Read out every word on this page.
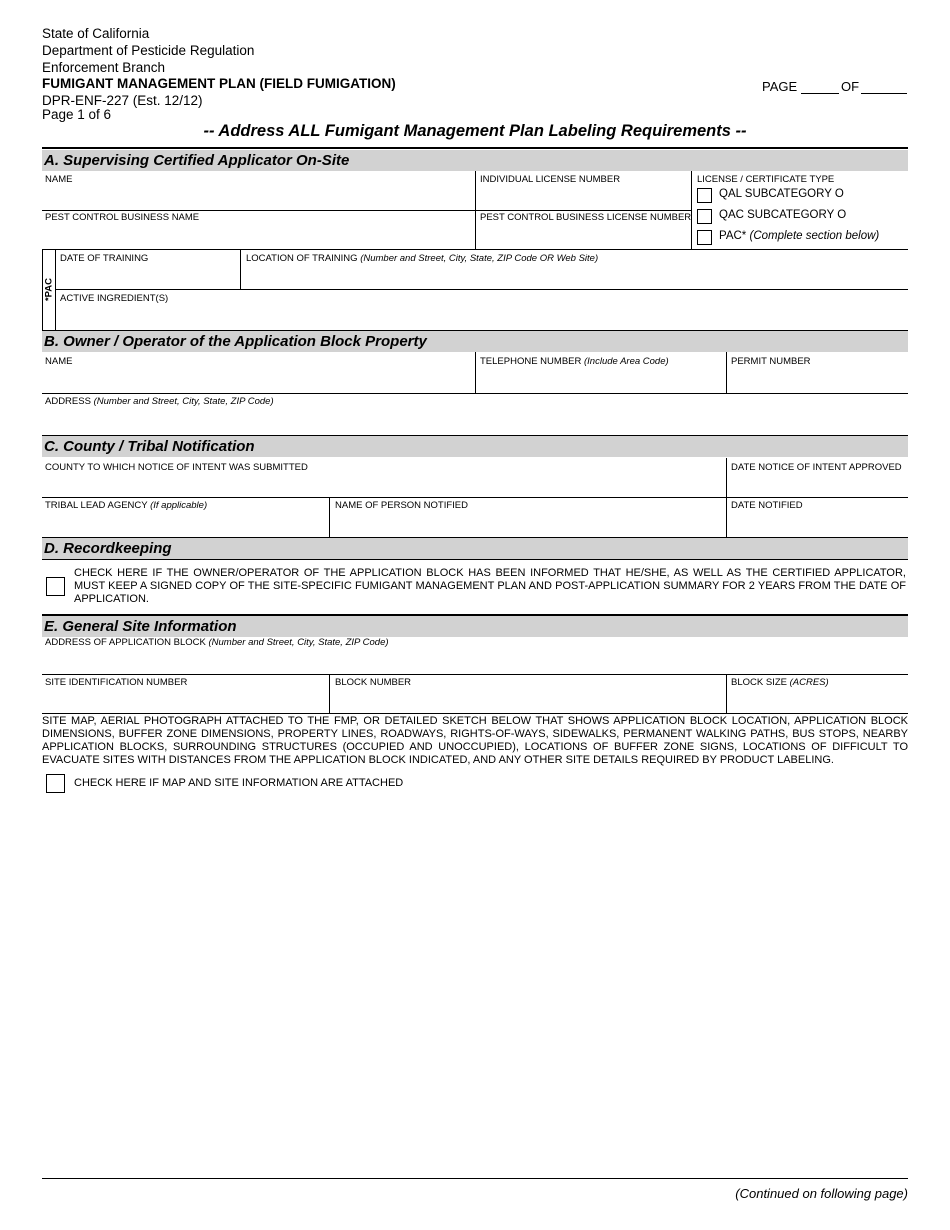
State of California
Department of Pesticide Regulation
Enforcement Branch
FUMIGANT MANAGEMENT PLAN (FIELD FUMIGATION)
DPR-ENF-227 (Est. 12/12)
Page 1 of 6
PAGE	OF
-- Address ALL Fumigant Management Plan Labeling Requirements --
A. Supervising Certified Applicator On-Site
NAME	INDIVIDUAL LICENSE NUMBER	LICENSE / CERTIFICATE TYPE
QAL SUBCATEGORY O
QAC SUBCATEGORY O
PAC* (Complete section below)
PEST CONTROL BUSINESS NAME	PEST CONTROL BUSINESS LICENSE NUMBER
*PAC
DATE OF TRAINING	LOCATION OF TRAINING (Number and Street, City, State, ZIP Code OR Web Site)
ACTIVE INGREDIENT(S)
B. Owner / Operator of the Application Block Property
NAME	TELEPHONE NUMBER (Include Area Code)	PERMIT NUMBER
ADDRESS (Number and Street, City, State, ZIP Code)
C. County / Tribal Notification
COUNTY TO WHICH NOTICE OF INTENT WAS SUBMITTED	DATE NOTICE OF INTENT APPROVED
TRIBAL LEAD AGENCY (If applicable)	NAME OF PERSON NOTIFIED	DATE NOTIFIED
D. Recordkeeping
CHECK HERE IF THE OWNER/OPERATOR OF THE APPLICATION BLOCK HAS BEEN INFORMED THAT HE/SHE, AS WELL AS THE CERTIFIED APPLICATOR, MUST KEEP A SIGNED COPY OF THE SITE-SPECIFIC FUMIGANT MANAGEMENT PLAN AND POST-APPLICATION SUMMARY FOR 2 YEARS FROM THE DATE OF APPLICATION.
E. General Site Information
ADDRESS OF APPLICATION BLOCK (Number and Street, City, State, ZIP Code)
SITE IDENTIFICATION NUMBER	BLOCK NUMBER	BLOCK SIZE (ACRES)
SITE MAP, AERIAL PHOTOGRAPH ATTACHED TO THE FMP, OR DETAILED SKETCH BELOW THAT SHOWS APPLICATION BLOCK LOCATION, APPLICATION BLOCK DIMENSIONS, BUFFER ZONE DIMENSIONS, PROPERTY LINES, ROADWAYS, RIGHTS-OF-WAYS, SIDEWALKS, PERMANENT WALKING PATHS, BUS STOPS, NEARBY APPLICATION BLOCKS, SURROUNDING STRUCTURES (OCCUPIED AND UNOCCUPIED), LOCATIONS OF BUFFER ZONE SIGNS, LOCATIONS OF DIFFICULT TO EVACUATE SITES WITH DISTANCES FROM THE APPLICATION BLOCK INDICATED, AND ANY OTHER SITE DETAILS REQUIRED BY PRODUCT LABELING.
CHECK HERE IF MAP AND SITE INFORMATION ARE ATTACHED
(Continued on following page)
